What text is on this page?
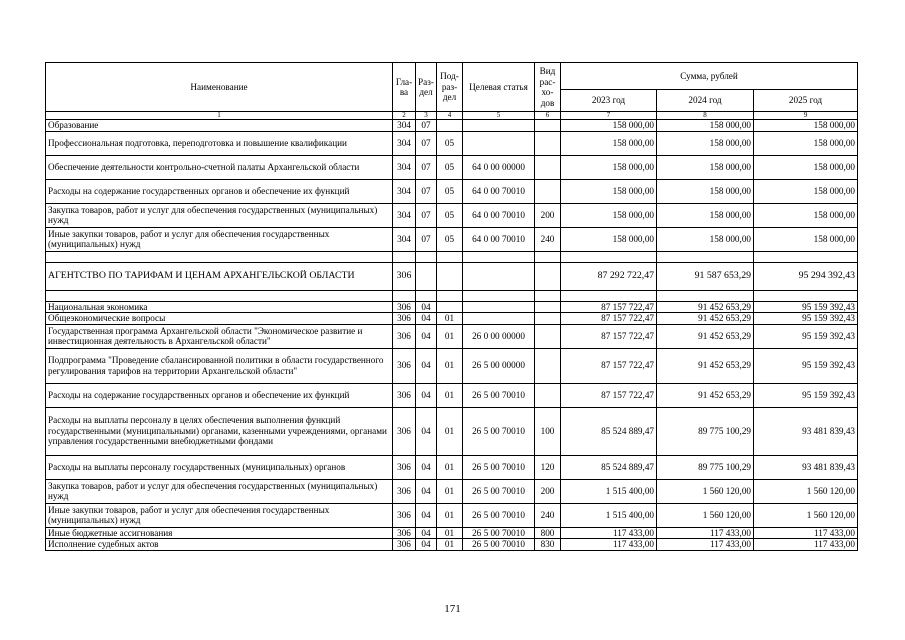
Наименование	Гла-ва	Раз-дел	Под-раз-дел	Целевая статья	Вид рас-хо-дов	Сумма, рублей		
						2023 год	2024 год	2025 год
1	2	3	4	5	6	7	8	9
Образование	304	07				158 000,00	158 000,00	158 000,00
Профессиональная подготовка, переподготовка и повышение квалификации	304	07	05			158 000,00	158 000,00	158 000,00
Обеспечение деятельности контрольно-счетной палаты Архангельской области	304	07	05	64 0 00 00000		158 000,00	158 000,00	158 000,00
Расходы на содержание государственных органов и обеспечение их функций	304	07	05	64 0 00 70010		158 000,00	158 000,00	158 000,00
Закупка товаров, работ и услуг для обеспечения государственных (муниципальных) нужд	304	07	05	64 0 00 70010	200	158 000,00	158 000,00	158 000,00
Иные закупки товаров, работ и услуг для обеспечения государственных (муниципальных) нужд	304	07	05	64 0 00 70010	240	158 000,00	158 000,00	158 000,00

АГЕНТСТВО ПО ТАРИФАМ И ЦЕНАМ АРХАНГЕЛЬСКОЙ ОБЛАСТИ	306					87 292 722,47	91 587 653,29	95 294 392,43

Национальная экономика	306	04				87 157 722,47	91 452 653,29	95 159 392,43
Общеэкономические вопросы	306	04	01			87 157 722,47	91 452 653,29	95 159 392,43
Государственная программа Архангельской области "Экономическое развитие и инвестиционная деятельность в Архангельской области"	306	04	01	26 0 00 00000		87 157 722,47	91 452 653,29	95 159 392,43
Подпрограмма "Проведение сбалансированной политики в области государственного регулирования тарифов на территории Архангельской области"	306	04	01	26 5 00 00000		87 157 722,47	91 452 653,29	95 159 392,43
Расходы на содержание государственных органов и обеспечение их функций	306	04	01	26 5 00 70010		87 157 722,47	91 452 653,29	95 159 392,43
Расходы на выплаты персоналу в целях обеспечения выполнения функций государственными (муниципальными) органами, казенными учреждениями, органами управления государственными внебюджетными фондами	306	04	01	26 5 00 70010	100	85 524 889,47	89 775 100,29	93 481 839,43
Расходы на выплаты персоналу государственных (муниципальных) органов	306	04	01	26 5 00 70010	120	85 524 889,47	89 775 100,29	93 481 839,43
Закупка товаров, работ и услуг для обеспечения государственных (муниципальных) нужд	306	04	01	26 5 00 70010	200	1 515 400,00	1 560 120,00	1 560 120,00
Иные закупки товаров, работ и услуг для обеспечения государственных (муниципальных) нужд	306	04	01	26 5 00 70010	240	1 515 400,00	1 560 120,00	1 560 120,00
Иные бюджетные ассигнования	306	04	01	26 5 00 70010	800	117 433,00	117 433,00	117 433,00
Исполнение судебных актов	306	04	01	26 5 00 70010	830	117 433,00	117 433,00	117 433,00
171
